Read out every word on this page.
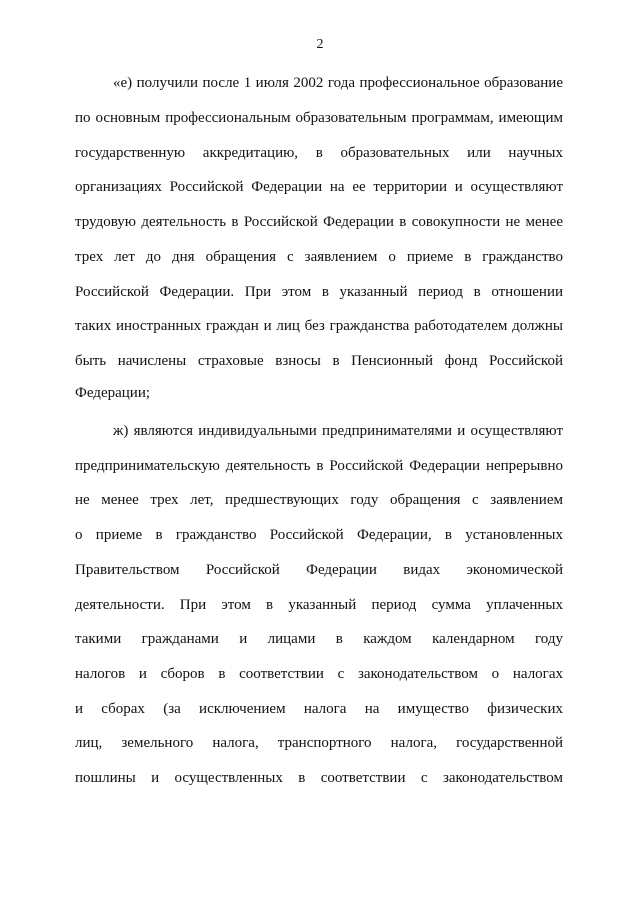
2
«е) получили после 1 июля 2002 года профессиональное образование
по основным профессиональным образовательным программам, имеющим
государственную аккредитацию, в образовательных или научных
организациях Российской Федерации на ее территории и осуществляют
трудовую деятельность в Российской Федерации в совокупности не менее
трех лет до дня обращения с заявлением о приеме в гражданство
Российской Федерации. При этом в указанный период в отношении
таких иностранных граждан и лиц без гражданства работодателем должны
быть начислены страховые взносы в Пенсионный фонд Российской
Федерации;
ж) являются индивидуальными предпринимателями и осуществляют
предпринимательскую деятельность в Российской Федерации непрерывно
не менее трех лет, предшествующих году обращения с заявлением
о приеме в гражданство Российской Федерации, в установленных
Правительством Российской Федерации видах экономической
деятельности. При этом в указанный период сумма уплаченных
такими гражданами и лицами в каждом календарном году
налогов и сборов в соответствии с законодательством о налогах
и сборах (за исключением налога на имущество физических
лиц, земельного налога, транспортного налога, государственной
пошлины и осуществленных в соответствии с законодательством
